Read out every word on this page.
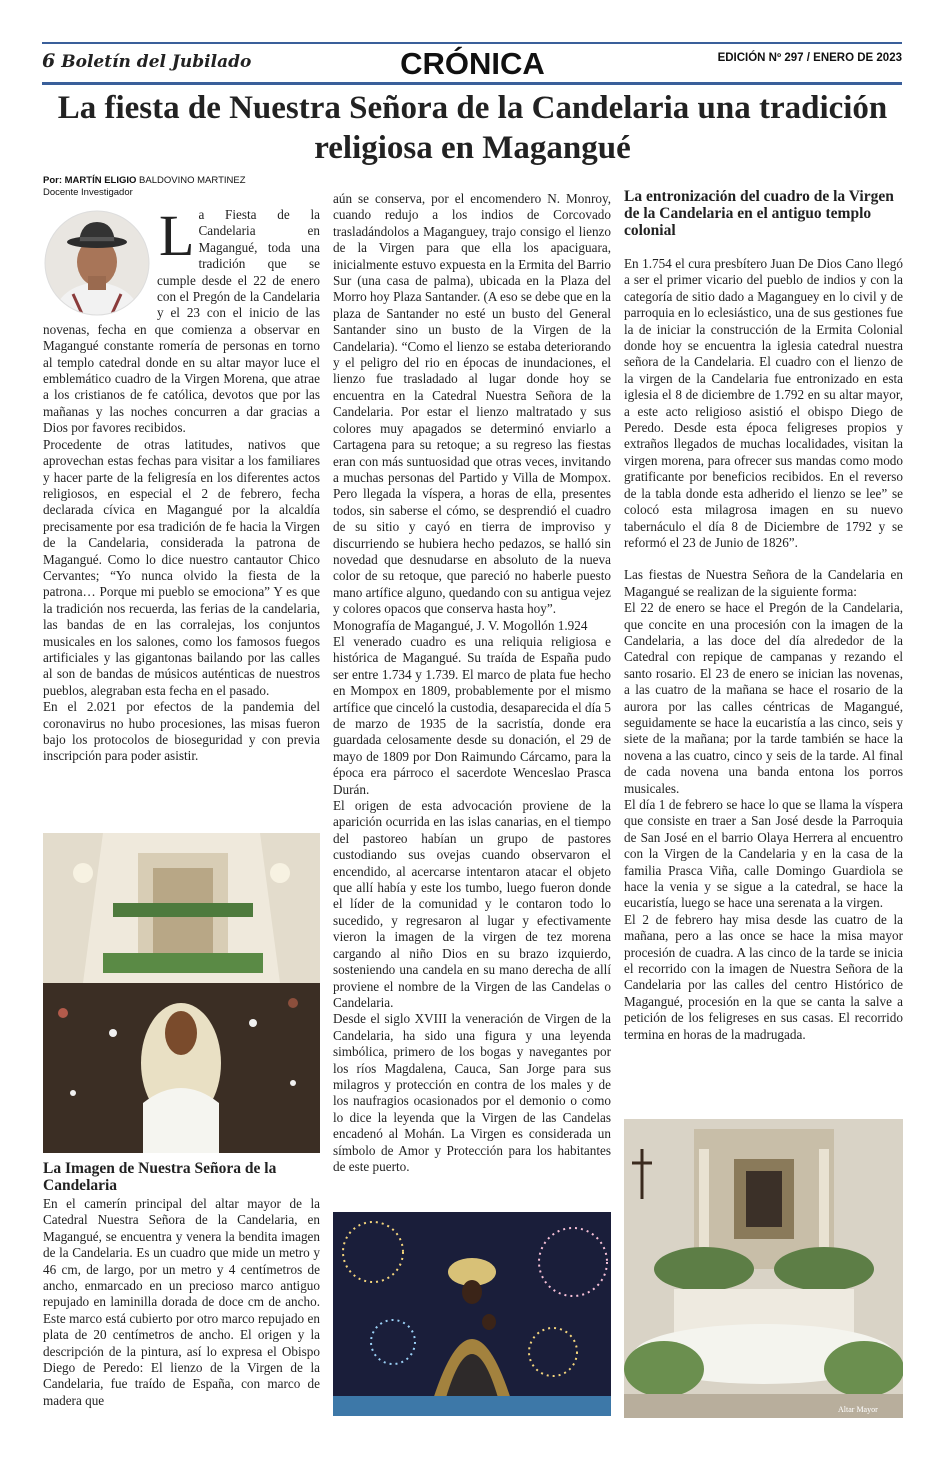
6 Boletín del Jubilado	CRÓNICA	EDICIÓN Nº 297 / ENERO DE 2023
La fiesta de Nuestra Señora de la Candelaria una tradición religiosa en Magangué
Por: MARTÍN ELIGIO BALDOVINO MARTINEZ
Docente Investigador
L a Fiesta de la Candelaria en Magangué, toda una tradición que se cumple desde el 22 de enero con el Pregón de la Candelaria y el 23 con el inicio de las novenas, fecha en que comienza a observar en Magangué constante romería de personas en torno al templo catedral donde en su altar mayor luce el emblemático cuadro de la Virgen Morena, que atrae a los cristianos de fe católica, devotos que por las mañanas y las noches concurren a dar gracias a Dios por favores recibidos.

Procedente de otras latitudes, nativos que aprovechan estas fechas para visitar a los familiares y hacer parte de la feligresía en los diferentes actos religiosos, en especial el 2 de febrero, fecha declarada cívica en Magangué por la alcaldía precisamente por esa tradición de fe hacia la Virgen de la Candelaria, considerada la patrona de Magangué. Como lo dice nuestro cantautor Chico Cervantes; “Yo nunca olvido la fiesta de la patrona… Porque mi pueblo se emociona” Y es que la tradición nos recuerda, las ferias de la candelaria, las bandas de en las corralejas, los conjuntos musicales en los salones, como los famosos fuegos artificiales y las gigantonas bailando por las calles al son de bandas de músicos auténticas de nuestros pueblos, alegraban esta fecha en el pasado.

En el 2.021 por efectos de la pandemia del coronavirus no hubo procesiones, las misas fueron bajo los protocolos de bioseguridad y con previa inscripción para poder asistir.

La Imagen de Nuestra Señora de la Candelaria

En el camerín principal del altar mayor de la Catedral Nuestra Señora de la Candelaria, en Magangué, se encuentra y venera la bendita imagen de la Candelaria. Es un cuadro que mide un metro y 46 cm, de largo, por un metro y 4 centímetros de ancho, enmarcado en un precioso marco antiguo repujado en laminilla dorada de doce cm de ancho. Este marco está cubierto por otro marco repujado en plata de 20 centímetros de ancho. El origen y la descripción de la pintura, así lo expresa el Obispo Diego de Peredo: El lienzo de la Virgen de la Candelaria, fue traído de España, con marco de madera que

aún se conserva, por el encomendero N. Monroy, cuando redujo a los indios de Corcovado trasladándolos a Maganguey, trajo consigo el lienzo de la Virgen para que ella los apaciguara, inicialmente estuvo expuesta en la Ermita del Barrio Sur (una casa de palma), ubicada en la Plaza del Morro hoy Plaza Santander. (A eso se debe que en la plaza de Santander no esté un busto del General Santander sino un busto de la Virgen de la Candelaria). “Como el lienzo se estaba deteriorando y el peligro del rio en épocas de inundaciones, el lienzo fue trasladado al lugar donde hoy se encuentra en la Catedral Nuestra Señora de la Candelaria. Por estar el lienzo maltratado y sus colores muy apagados se determinó enviarlo a Cartagena para su retoque; a su regreso las fiestas eran con más suntuosidad que otras veces, invitando a muchas personas del Partido y Villa de Mompox. Pero llegada la víspera, a horas de ella, presentes todos, sin saberse el cómo, se desprendió el cuadro de su sitio y cayó en tierra de improviso y discurriendo se hubiera hecho pedazos, se halló sin novedad que desnudarse en absoluto de la nueva color de su retoque, que pareció no haberle puesto mano artífice alguno, quedando con su antigua vejez y colores opacos que conserva hasta hoy”.

Monografía de Magangué, J. V. Mogollón 1.924

El venerado cuadro es una reliquia religiosa e histórica de Magangué. Su traída de España pudo ser entre 1.734 y 1.739. El marco de plata fue hecho en Mompox en 1809, probablemente por el mismo artífice que cinceló la custodia, desaparecida el día 5 de marzo de 1935 de la sacristía, donde era guardada celosamente desde su donación, el 29 de mayo de 1809 por Don Raimundo Cárcamo, para la época era párroco el sacerdote Wenceslao Prasca Durán.

El origen de esta advocación proviene de la aparición ocurrida en las islas canarias, en el tiempo del pastoreo habían un grupo de pastores custodiando sus ovejas cuando observaron el encendido, al acercarse intentaron atacar el objeto que allí había y este los tumbo, luego fueron donde el líder de la comunidad y le contaron todo lo sucedido, y regresaron al lugar y efectivamente vieron la imagen de la virgen de tez morena cargando al niño Dios en su brazo izquierdo, sosteniendo una candela en su mano derecha de allí proviene el nombre de la Virgen de las Candelas o Candelaria.

Desde el siglo XVIII la veneración de Virgen de la Candelaria, ha sido una figura y una leyenda simbólica, primero de los bogas y navegantes por los ríos Magdalena, Cauca, San Jorge para sus milagros y protección en contra de los males y de los naufragios ocasionados por el demonio o como lo dice la leyenda que la Virgen de las Candelas encadenó al Mohán. La Virgen es considerada un símbolo de Amor y Protección para los habitantes de este puerto.

La entronización del cuadro de la Virgen de la Candelaria en el antiguo templo colonial

En 1.754 el cura presbítero Juan De Dios Cano llegó a ser el primer vicario del pueblo de indios y con la categoría de sitio dado a Maganguey en lo civil y de parroquia en lo eclesiástico, una de sus gestiones fue la de iniciar la construcción de la Ermita Colonial donde hoy se encuentra la iglesia catedral nuestra señora de la Candelaria. El cuadro con el lienzo de la virgen de la Candelaria fue entronizado en esta iglesia el 8 de diciembre de 1.792 en su altar mayor, a este acto religioso asistió el obispo Diego de Peredo. Desde esta época feligreses propios y extraños llegados de muchas localidades, visitan la virgen morena, para ofrecer sus mandas como modo gratificante por beneficios recibidos. En el reverso de la tabla donde esta adherido el lienzo se lee” se colocó esta milagrosa imagen en su nuevo tabernáculo el día 8 de Diciembre de 1792 y se reformó el 23 de Junio de 1826”.

Las fiestas de Nuestra Señora de la Candelaria en Magangué se realizan de la siguiente forma:

El 22 de enero se hace el Pregón de la Candelaria, que concite en una procesión con la imagen de la Candelaria, a las doce del día alrededor de la Catedral con repique de campanas y rezando el santo rosario. El 23 de enero se inician las novenas, a las cuatro de la mañana se hace el rosario de la aurora por las calles céntricas de Magangué, seguidamente se hace la eucaristía a las cinco, seis y siete de la mañana; por la tarde también se hace la novena a las cuatro, cinco y seis de la tarde. Al final de cada novena una banda entona los porros musicales.

El día 1 de febrero se hace lo que se llama la víspera que consiste en traer a San José desde la Parroquia de San José en el barrio Olaya Herrera al encuentro con la Virgen de la Candelaria y en la casa de la familia Prasca Viña, calle Domingo Guardiola se hace la venia y se sigue a la catedral, se hace la eucaristía, luego se hace una serenata a la virgen.

El 2 de febrero hay misa desde las cuatro de la mañana, pero a las once se hace la misa mayor procesión de cuadra. A las cinco de la tarde se inicia el recorrido con la imagen de Nuestra Señora de la Candelaria por las calles del centro Histórico de Magangué, procesión en la que se canta la salve a petición de los feligreses en sus casas. El recorrido termina en horas de la madrugada.

Altar Mayor
